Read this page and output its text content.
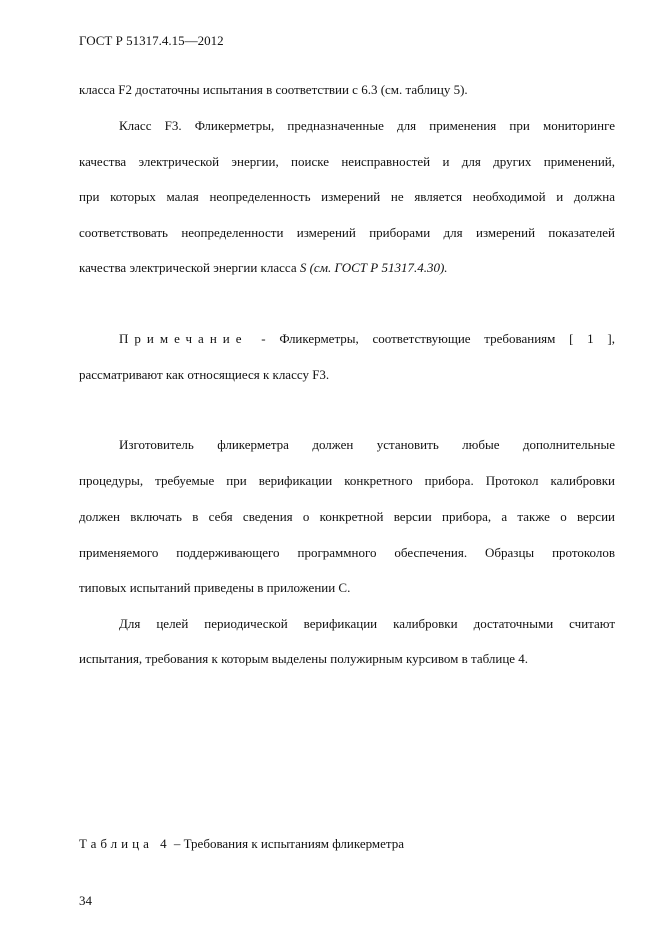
ГОСТ Р 51317.4.15—2012
класса F2 достаточны испытания в соответствии с 6.3 (см. таблицу 5).
Класс F3. Фликерметры, предназначенные для применения при мониторинге
качества электрической энергии, поиске неисправностей и для других применений,
при которых малая неопределенность измерений не является необходимой и должна
соответствовать неопределенности измерений приборами для измерений показателей
качества электрической энергии класса S (см. ГОСТ Р 51317.4.30).
Примечание - Фликерметры, соответствующие требованиям [ 1 ],
рассматривают как относящиеся к классу F3.
Изготовитель фликерметра должен установить любые дополнительные
процедуры, требуемые при верификации конкретного прибора. Протокол калибровки
должен включать в себя сведения о конкретной версии прибора, а также о версии
применяемого поддерживающего программного обеспечения. Образцы протоколов
типовых испытаний приведены в приложении С.
Для целей периодической верификации калибровки достаточными считают
испытания, требования к которым выделены полужирным курсивом в таблице 4.
Таблица 4 – Требования к испытаниям фликерметра
34
